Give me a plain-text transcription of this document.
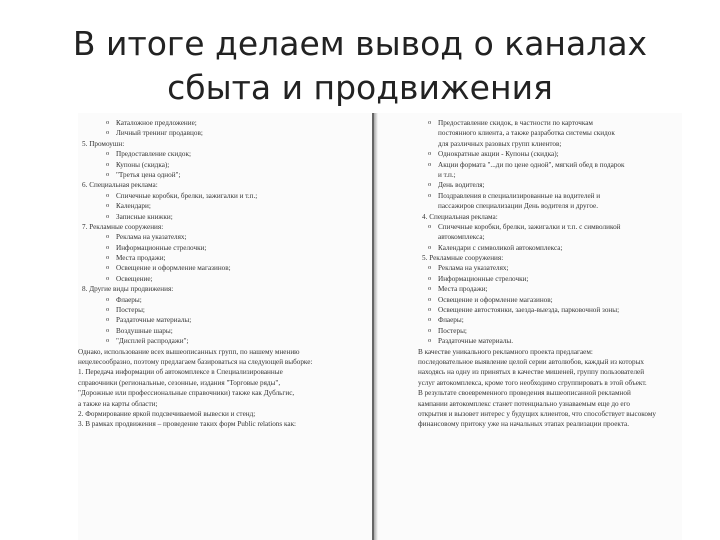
В итоге делаем вывод о каналах
сбыта и продвижения
o Каталожное предложение;
o Личный тренинг продавцов;
5. Промоушн:
o Предоставление скидок;
o Купоны (скидка);
o "Третья цена одной";
6. Специальная реклама:
o Спичечные коробки, брелки, зажигалки и т.п.;
o Календари;
o Записные книжки;
7. Рекламные сооружения:
o Реклама на указателях;
o Информационные стрелочки;
o Места продажи;
o Освещение и оформление магазинов;
o Освещение;
8. Другие виды продвижения:
o Флаеры;
o Постеры;
o Раздаточные материалы;
o Воздушные шары;
o "Дисплей распродажи";
Однако, использование всех вышеописанных групп, по нашему мнению
нецелесообразно, поэтому предлагаем базироваться на следующей выборке:
1. Передача информации об автокомплексе в Специализированные
справочники (региональные, сезонные, издания "Торговые ряды",
"Дорожные или профессиональные справочники) также как Дубльгис,
а также на карты области;
2. Формирование яркой подсвечиваемой вывески и стенд;
3. В рамках продвижения – проведение таких форм Public relations как:
o Предоставление скидок, в частности по карточкам
постоянного клиента, а также разработка системы скидок
для различных разовых групп клиентов;
o Однократные акции - Купоны (скидка);
o Акции формата "...ди по цене одной", мягкий обед в подарок
и т.п.;
o День водителя;
o Поздравления в специализированные на водителей и
пассажиров специализации День водителя и другое.
4. Специальная реклама:
o Спичечные коробки, брелки, зажигалки и т.п. с символикой
автокомплекса;
o Календари с символикой автокомплекса;
5. Рекламные сооружения:
o Реклама на указателях;
o Информационные стрелочки;
o Места продажи;
o Освещение и оформление магазинов;
o Освещение автостоянки, заезда-выезда, парковочной зоны;
o Флаеры;
o Постеры;
o Раздаточные материалы.
В качестве уникального рекламного проекта предлагаем:
последовательное выявление целой серии автолюбов, каждый из которых
находясь на одну из принятых в качестве мишеней, группу пользователей
услуг автокомплекса, кроме того необходимо сгруппировать в этой объект.
В результате своевременного проведения вышеописанной рекламной
кампании автокомплекс станет потенциально узнаваемым еще до его
открытия и вызовет интерес у будущих клиентов, что способствует высокому
финансовому притоку уже на начальных этапах реализации проекта.
